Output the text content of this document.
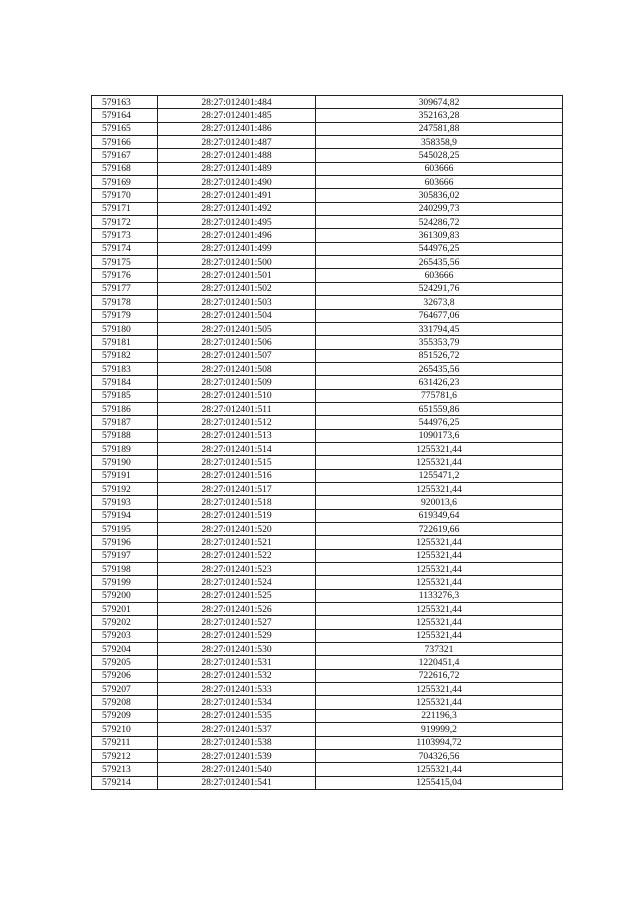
579163	28:27:012401:484	309674,82
579164	28:27:012401:485	352163,28
579165	28:27:012401:486	247581,88
579166	28:27:012401:487	358358,9
579167	28:27:012401:488	545028,25
579168	28:27:012401:489	603666
579169	28:27:012401:490	603666
579170	28:27:012401:491	305836,02
579171	28:27:012401:492	240299,73
579172	28:27:012401:495	524286,72
579173	28:27:012401:496	361309,83
579174	28:27:012401:499	544976,25
579175	28:27:012401:500	265435,56
579176	28:27:012401:501	603666
579177	28:27:012401:502	524291,76
579178	28:27:012401:503	32673,8
579179	28:27:012401:504	764677,06
579180	28:27:012401:505	331794,45
579181	28:27:012401:506	355353,79
579182	28:27:012401:507	851526,72
579183	28:27:012401:508	265435,56
579184	28:27:012401:509	631426,23
579185	28:27:012401:510	775781,6
579186	28:27:012401:511	651559,86
579187	28:27:012401:512	544976,25
579188	28:27:012401:513	1090173,6
579189	28:27:012401:514	1255321,44
579190	28:27:012401:515	1255321,44
579191	28:27:012401:516	1255471,2
579192	28:27:012401:517	1255321,44
579193	28:27:012401:518	920013,6
579194	28:27:012401:519	619349,64
579195	28:27:012401:520	722619,66
579196	28:27:012401:521	1255321,44
579197	28:27:012401:522	1255321,44
579198	28:27:012401:523	1255321,44
579199	28:27:012401:524	1255321,44
579200	28:27:012401:525	1133276,3
579201	28:27:012401:526	1255321,44
579202	28:27:012401:527	1255321,44
579203	28:27:012401:529	1255321,44
579204	28:27:012401:530	737321
579205	28:27:012401:531	1220451,4
579206	28:27:012401:532	722616,72
579207	28:27:012401:533	1255321,44
579208	28:27:012401:534	1255321,44
579209	28:27:012401:535	221196,3
579210	28:27:012401:537	919999,2
579211	28:27:012401:538	1103994,72
579212	28:27:012401:539	704326,56
579213	28:27:012401:540	1255321,44
579214	28:27:012401:541	1255415,04
